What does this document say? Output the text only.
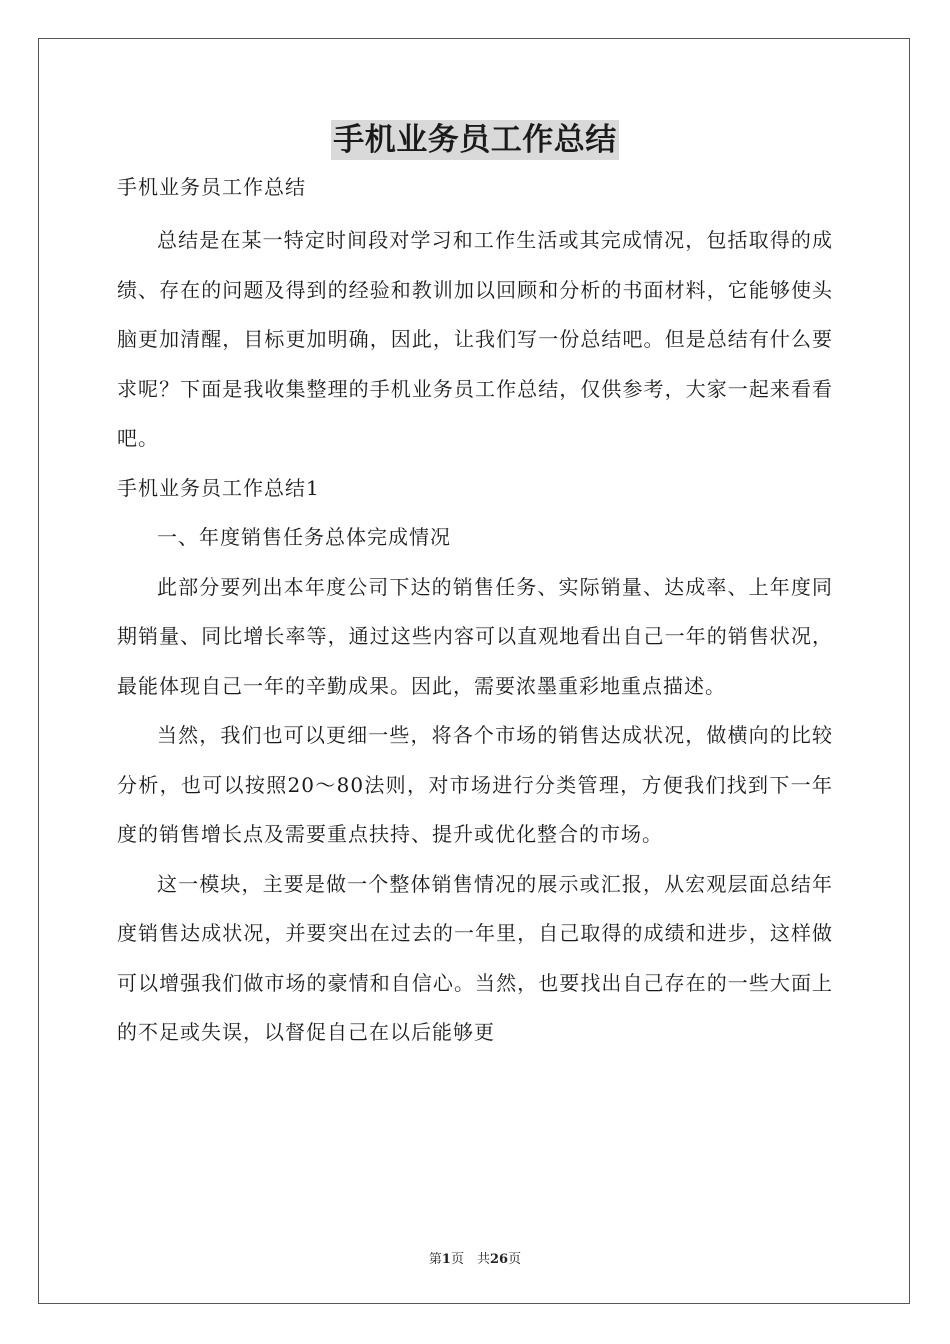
手机业务员工作总结

手机业务员工作总结

总结是在某一特定时间段对学习和工作生活或其完成情况，包括取得的成绩、存在的问题及得到的经验和教训加以回顾和分析的书面材料，它能够使头脑更加清醒，目标更加明确，因此，让我们写一份总结吧。但是总结有什么要求呢？下面是我收集整理的手机业务员工作总结，仅供参考，大家一起来看看吧。

手机业务员工作总结1

一、年度销售任务总体完成情况

此部分要列出本年度公司下达的销售任务、实际销量、达成率、上年度同期销量、同比增长率等，通过这些内容可以直观地看出自己一年的销售状况，最能体现自己一年的辛勤成果。因此，需要浓墨重彩地重点描述。

当然，我们也可以更细一些，将各个市场的销售达成状况，做横向的比较分析，也可以按照20～80法则，对市场进行分类管理，方便我们找到下一年度的销售增长点及需要重点扶持、提升或优化整合的市场。

这一模块，主要是做一个整体销售情况的展示或汇报，从宏观层面总结年度销售达成状况，并要突出在过去的一年里，自己取得的成绩和进步，这样做可以增强我们做市场的豪情和自信心。当然，也要找出自己存在的一些大面上的不足或失误，以督促自己在以后能够更

第1页　共26页
